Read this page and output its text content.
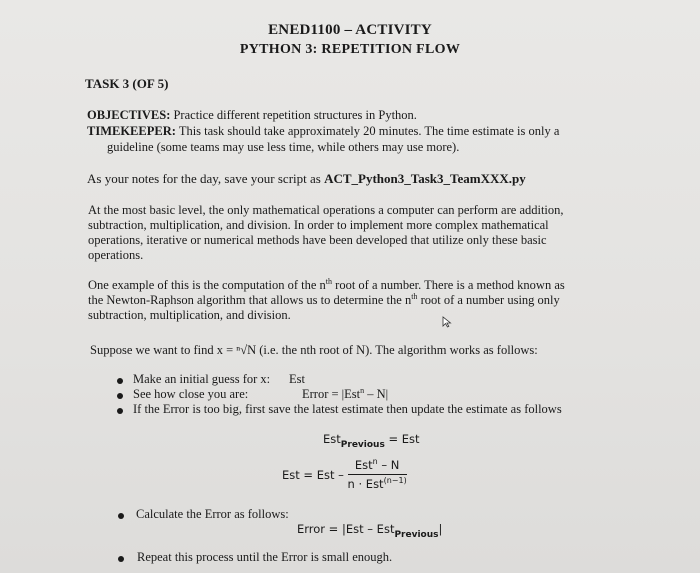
ENED1100 – ACTIVITY
PYTHON 3: REPETITION FLOW
TASK 3 (OF 5)
OBJECTIVES: Practice different repetition structures in Python.
TIMEKEEPER: This task should take approximately 20 minutes. The time estimate is only a
guideline (some teams may use less time, while others may use more).
As your notes for the day, save your script as ACT_Python3_Task3_TeamXXX.py
At the most basic level, the only mathematical operations a computer can perform are addition,
subtraction, multiplication, and division. In order to implement more complex mathematical
operations, iterative or numerical methods have been developed that utilize only these basic
operations.
One example of this is the computation of the $n^{th}$ root of a number. There is a method known as
the Newton-Raphson algorithm that allows us to determine the $n^{th}$ root of a number using only
subtraction, multiplication, and division.
Suppose we want to find x = ⁿ√N (i.e. the nth root of N). The algorithm works as follows:
Make an initial guess for x: Est
See how close you are:	Error = |Est$^n$ – N|
If the Error is too big, first save the latest estimate then update the estimate as follows
Est$_{Previous}$ = Est
Est = Est – $\frac{Est^n - N}{n \cdot Est^{(n-1)}}$
Calculate the Error as follows:
Error = |Est – Est$_{Previous}$|
Repeat this process until the Error is small enough.
